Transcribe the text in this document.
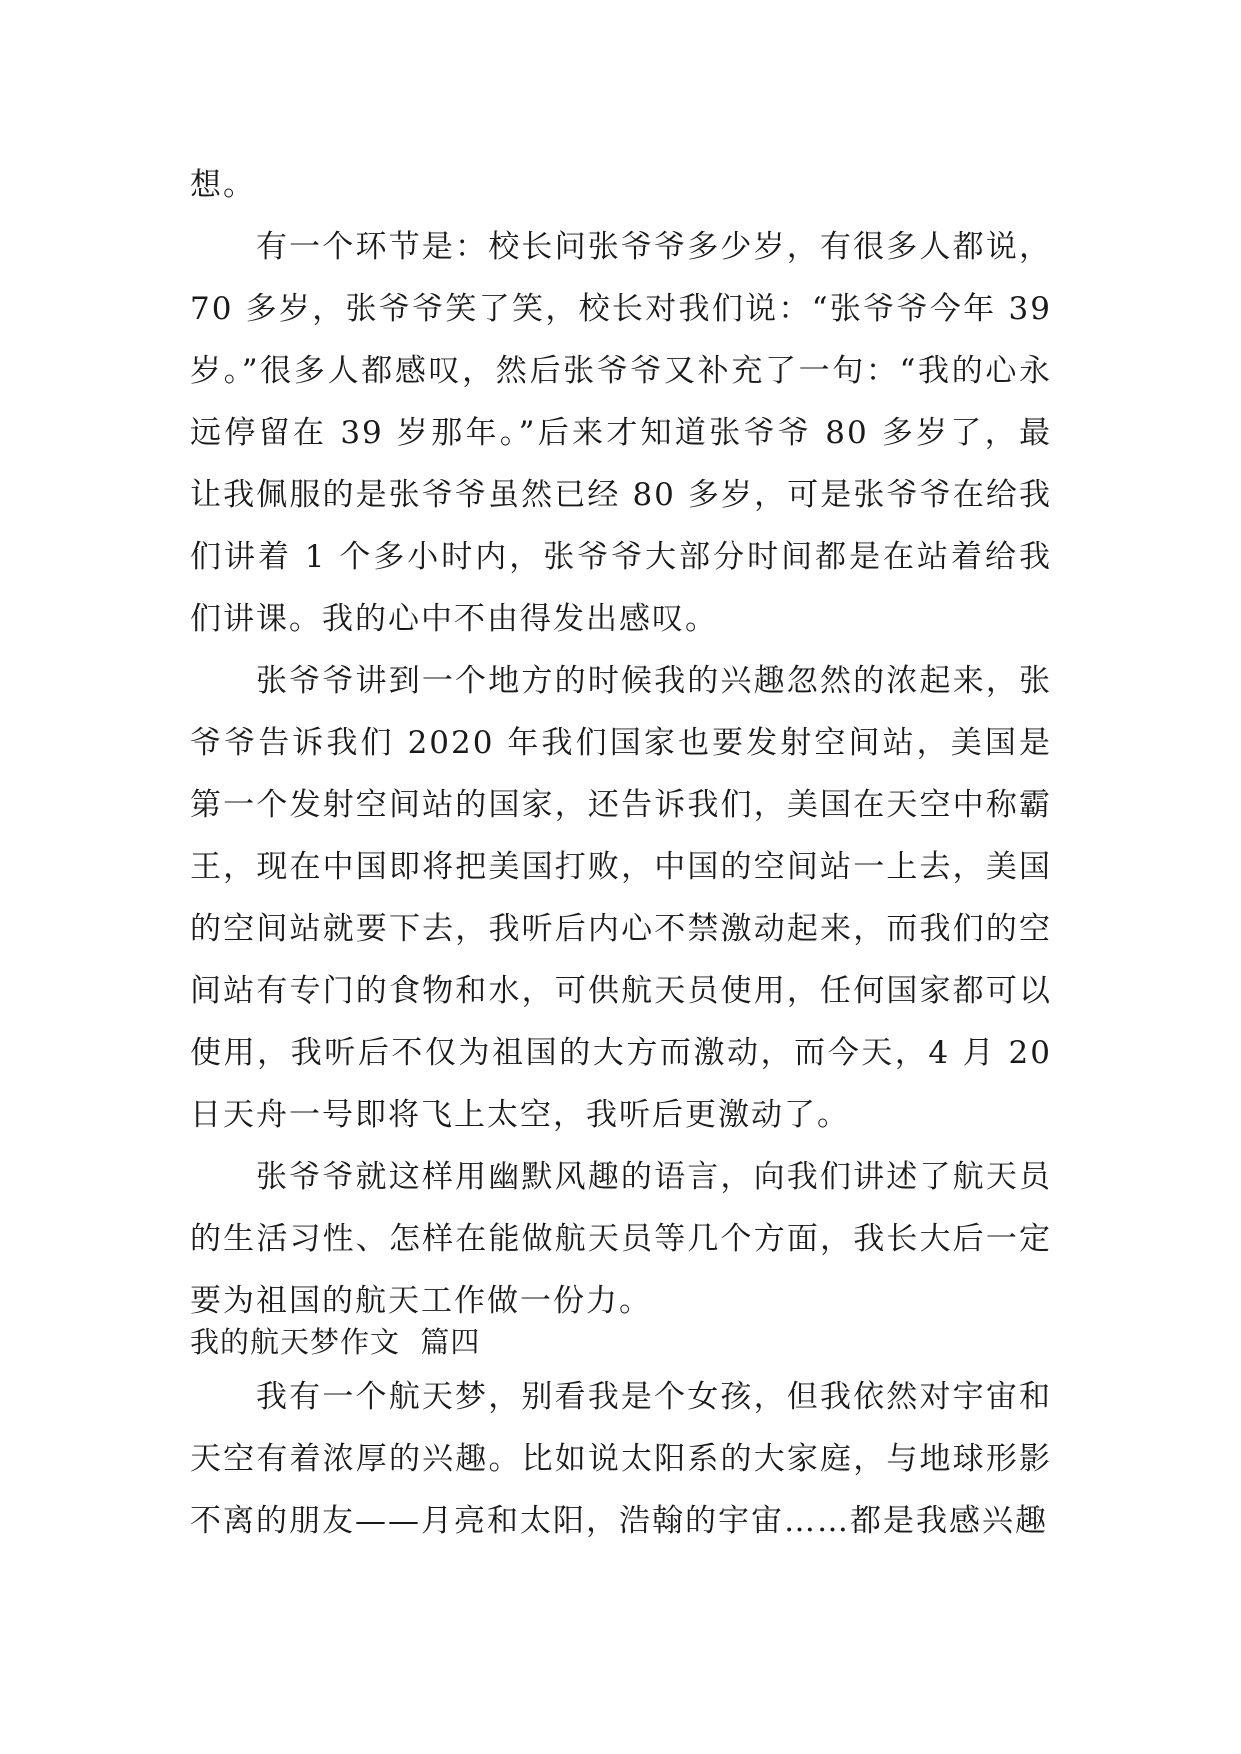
想。

有一个环节是：校长问张爷爷多少岁，有很多人都说，70 多岁，张爷爷笑了笑，校长对我们说：“张爷爷今年 39 岁。”很多人都感叹，然后张爷爷又补充了一句：“我的心永远停留在 39 岁那年。”后来才知道张爷爷 80 多岁了，最让我佩服的是张爷爷虽然已经 80 多岁，可是张爷爷在给我们讲着 1 个多小时内，张爷爷大部分时间都是在站着给我们讲课。我的心中不由得发出感叹。

张爷爷讲到一个地方的时候我的兴趣忽然的浓起来，张爷爷告诉我们 2020 年我们国家也要发射空间站，美国是第一个发射空间站的国家，还告诉我们，美国在天空中称霸王，现在中国即将把美国打败，中国的空间站一上去，美国的空间站就要下去，我听后内心不禁激动起来，而我们的空间站有专门的食物和水，可供航天员使用，任何国家都可以使用，我听后不仅为祖国的大方而激动，而今天，4 月 20 日天舟一号即将飞上太空，我听后更激动了。

张爷爷就这样用幽默风趣的语言，向我们讲述了航天员的生活习性、怎样在能做航天员等几个方面，我长大后一定要为祖国的航天工作做一份力。

我的航天梦作文  篇四

我有一个航天梦，别看我是个女孩，但我依然对宇宙和天空有着浓厚的兴趣。比如说太阳系的大家庭，与地球形影不离的朋友——月亮和太阳，浩翰的宇宙……都是我感兴趣
